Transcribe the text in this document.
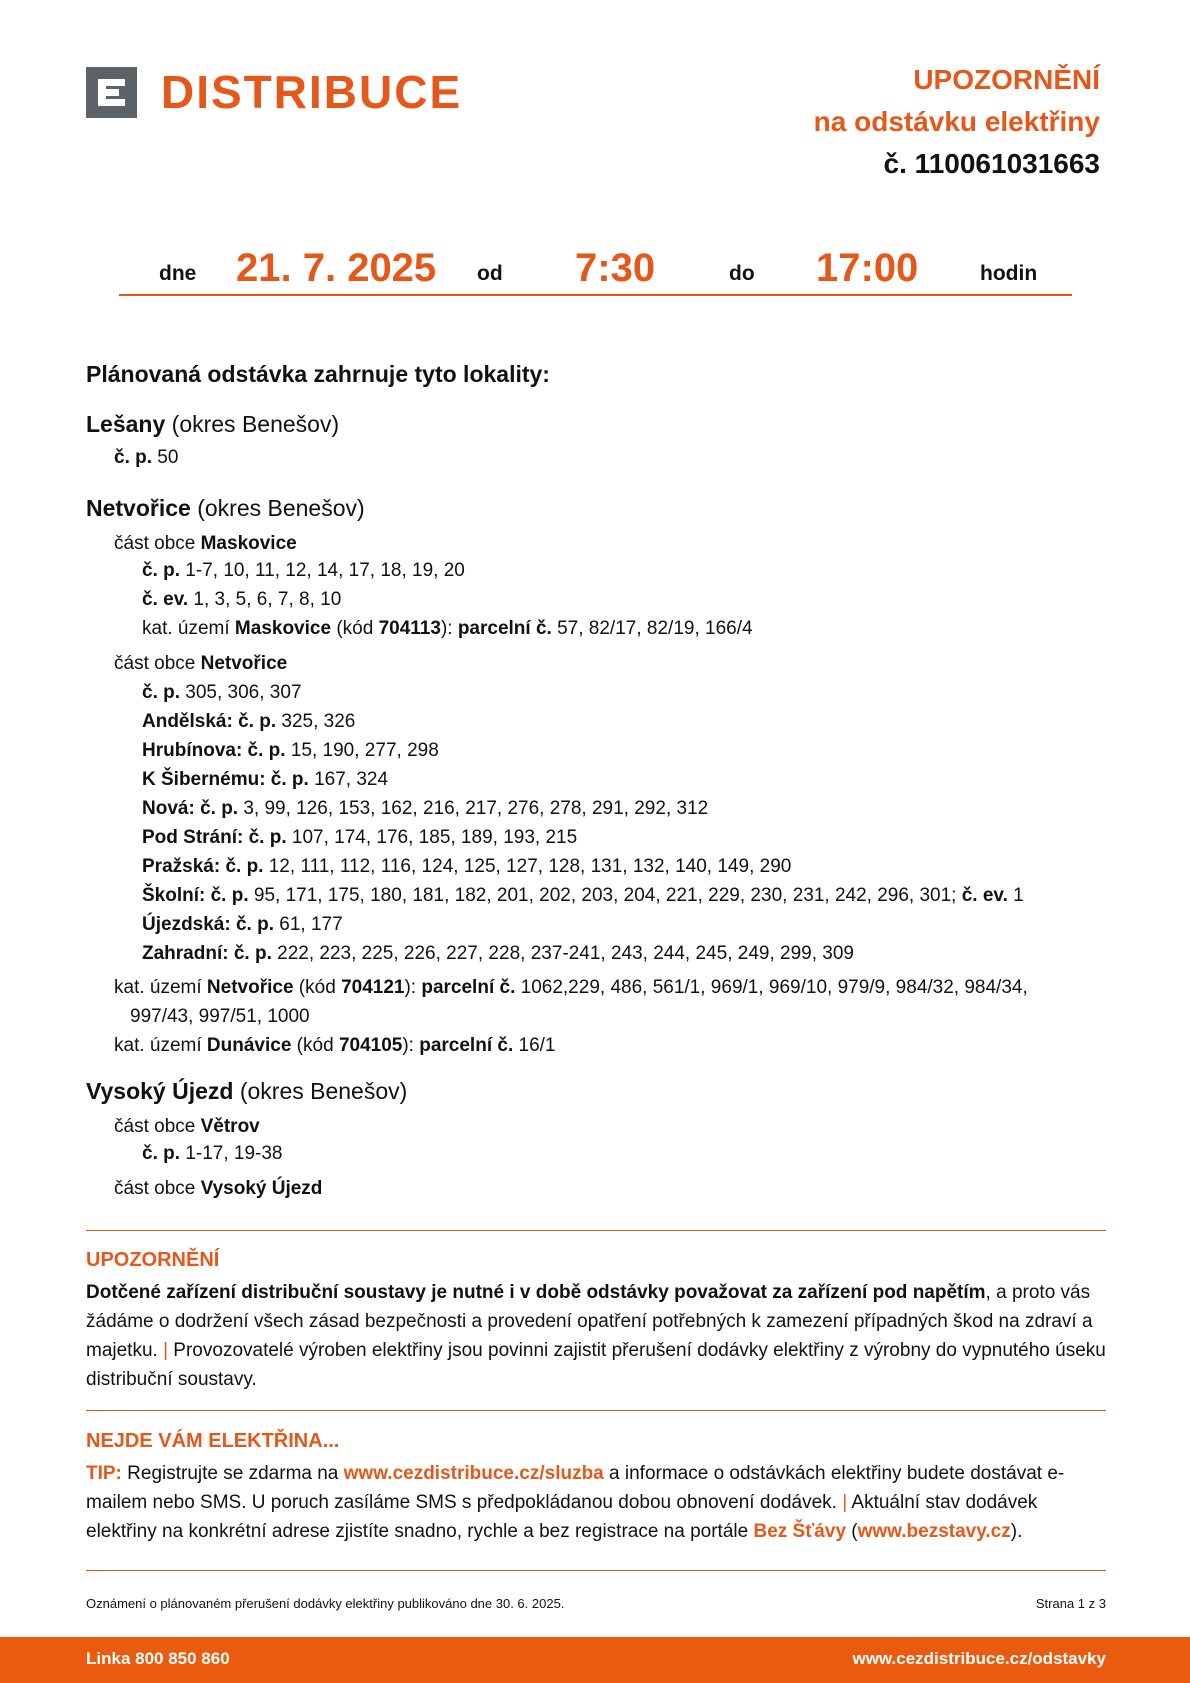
DISTRIBUCE	UPOZORNĚNÍ
na odstávku elektřiny
č. 110061031663
dne 21. 7. 2025 od 7:30	do 17:00	hodin
Plánovaná odstávka zahrnuje tyto lokality:
Lešany (okres Benešov)
č. p. 50
Netvořice (okres Benešov)
část obce Maskovice
č. p. 1-7, 10, 11, 12, 14, 17, 18, 19, 20
č. ev. 1, 3, 5, 6, 7, 8, 10
kat. území Maskovice (kód 704113): parcelní č. 57, 82/17, 82/19, 166/4
část obce Netvořice
č. p. 305, 306, 307
Andělská: č. p. 325, 326
Hrubínova: č. p. 15, 190, 277, 298
K Šibernému: č. p. 167, 324
Nová: č. p. 3, 99, 126, 153, 162, 216, 217, 276, 278, 291, 292, 312
Pod Strání: č. p. 107, 174, 176, 185, 189, 193, 215
Pražská: č. p. 12, 111, 112, 116, 124, 125, 127, 128, 131, 132, 140, 149, 290
Školní: č. p. 95, 171, 175, 180, 181, 182, 201, 202, 203, 204, 221, 229, 230, 231, 242, 296, 301; č. ev. 1
Újezdská: č. p. 61, 177
Zahradní: č. p. 222, 223, 225, 226, 227, 228, 237-241, 243, 244, 245, 249, 299, 309
kat. území Netvořice (kód 704121): parcelní č. 1062,229, 486, 561/1, 969/1, 969/10, 979/9, 984/32, 984/34,
997/43, 997/51, 1000
kat. území Dunávice (kód 704105): parcelní č. 16/1
Vysoký Újezd (okres Benešov)
část obce Větrov
č. p. 1-17, 19-38
část obce Vysoký Újezd
UPOZORNĚNÍ
Dotčené zařízení distribuční soustavy je nutné i v době odstávky považovat za zařízení pod napětím, a proto vás žádáme o dodržení všech zásad bezpečnosti a provedení opatření potřebných k zamezení případných škod na zdraví a majetku. | Provozovatelé výroben elektřiny jsou povinni zajistit přerušení dodávky elektřiny z výrobny do vypnutého úseku distribuční soustavy.
NEJDE VÁM ELEKTŘINA...
TIP: Registrujte se zdarma na www.cezdistribuce.cz/sluzba a informace o odstávkách elektřiny budete dostávat e-mailem nebo SMS. U poruch zasíláme SMS s předpokládanou dobou obnovení dodávek. | Aktuální stav dodávek elektřiny na konkrétní adrese zjistíte snadno, rychle a bez registrace na portále Bez Šťávy (www.bezstavy.cz).
Oznámení o plánovaném přerušení dodávky elektřiny publikováno dne 30. 6. 2025.	Strana 1 z 3
Linka 800 850 860	www.cezdistribuce.cz/odstavky
